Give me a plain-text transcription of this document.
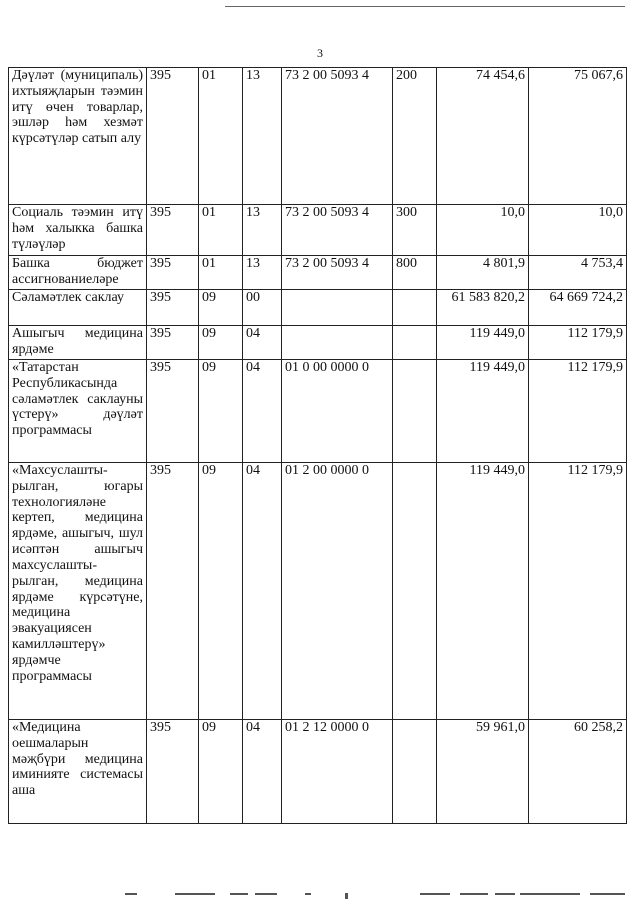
3
Дәүләт (муниципаль) ихтыяҗларын тәэмин итү өчен товарлар, эшләр һәм хезмәт күрсәтүләр сатып алу	395	01	13	73 2 00 5093 4	200	74 454,6	75 067,6
Социаль тәэмин итү һәм халыкка башка түләүләр	395	01	13	73 2 00 5093 4	300	10,0	10,0
Башка бюджет ассигнованиеләре	395	01	13	73 2 00 5093 4	800	4 801,9	4 753,4
Сәламәтлек саклау	395	09	00			61 583 820,2	64 669 724,2
Ашыгыч медицина ярдәме	395	09	04			119 449,0	112 179,9
«Татарстан Республикасында сәламәтлек саклауны үстерү» дәүләт программасы	395	09	04	01 0 00 0000 0		119 449,0	112 179,9
«Махсуслашты-рылган, югары технологияләне кертеп, медицина ярдәме, ашыгыч, шул исәптән ашыгыч махсуслашты-рылган, медицина ярдәме күрсәтүне, медицина эвакуациясен камилләштерү» ярдәмче программасы	395	09	04	01 2 00 0000 0		119 449,0	112 179,9
«Медицина оешмаларын мәҗбүри медицина иминияте системасы аша	395	09	04	01 2 12 0000 0		59 961,0	60 258,2
